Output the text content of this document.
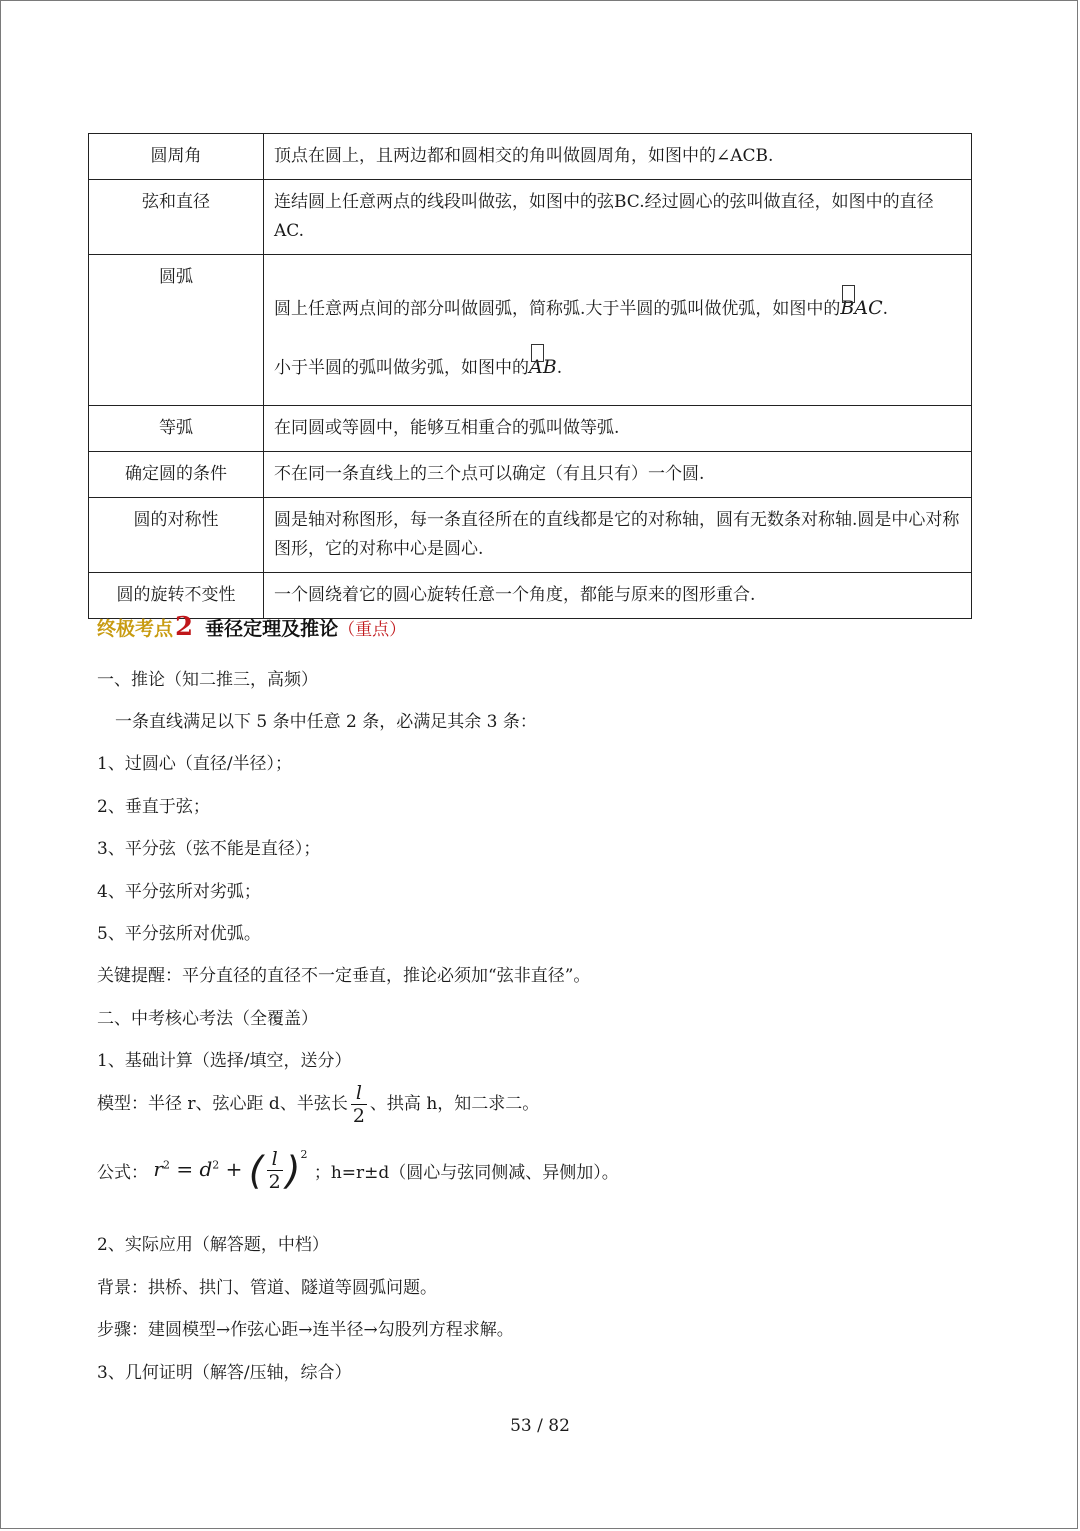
圆周角	顶点在圆上，且两边都和圆相交的角叫做圆周角，如图中的∠ACB.
弦和直径	连结圆上任意两点的线段叫做弦，如图中的弦BC.经过圆心的弦叫做直径，如图中的直径AC.
圆弧	圆上任意两点间的部分叫做圆弧，简称弧.大于半圆的弧叫做优弧，如图中的
BAC.
小于半圆的弧叫做劣弧，如图中的
AB.
等弧	在同圆或等圆中，能够互相重合的弧叫做等弧.
确定圆的条件	不在同一条直线上的三个点可以确定（有且只有）一个圆.
圆的对称性	圆是轴对称图形，每一条直径所在的直线都是它的对称轴，圆有无数条对称轴.圆是中心对称图形，它的对称中心是圆心.
圆的旋转不变性	一个圆绕着它的圆心旋转任意一个角度，都能与原来的图形重合.
终极考点2 垂径定理及推论（重点）
一、推论（知二推三，高频）
一条直线满足以下 5 条中任意 2 条，必满足其余 3 条：
1、过圆心（直径/半径）；
2、垂直于弦；
3、平分弦（弦不能是直径）；
4、平分弦所对劣弧；
5、平分弦所对优弧。
关键提醒：平分直径的直径不一定垂直，推论必须加“弦非直径”。
二、中考核心考法（全覆盖）
1、基础计算（选择/填空，送分）
模型：半径 r、弦心距 d、半弦长 $\frac{l}{2}$ 、拱高 h，知二求二。
公式： $r^2 = d^2$ + ( $\frac{l}{2} )^2$ ；h=r±d（圆心与弦同侧减、异侧加）。
2、实际应用（解答题，中档）
背景：拱桥、拱门、管道、隧道等圆弧问题。
步骤：建圆模型→作弦心距→连半径→勾股列方程求解。
3、几何证明（解答/压轴，综合）
53 / 82
